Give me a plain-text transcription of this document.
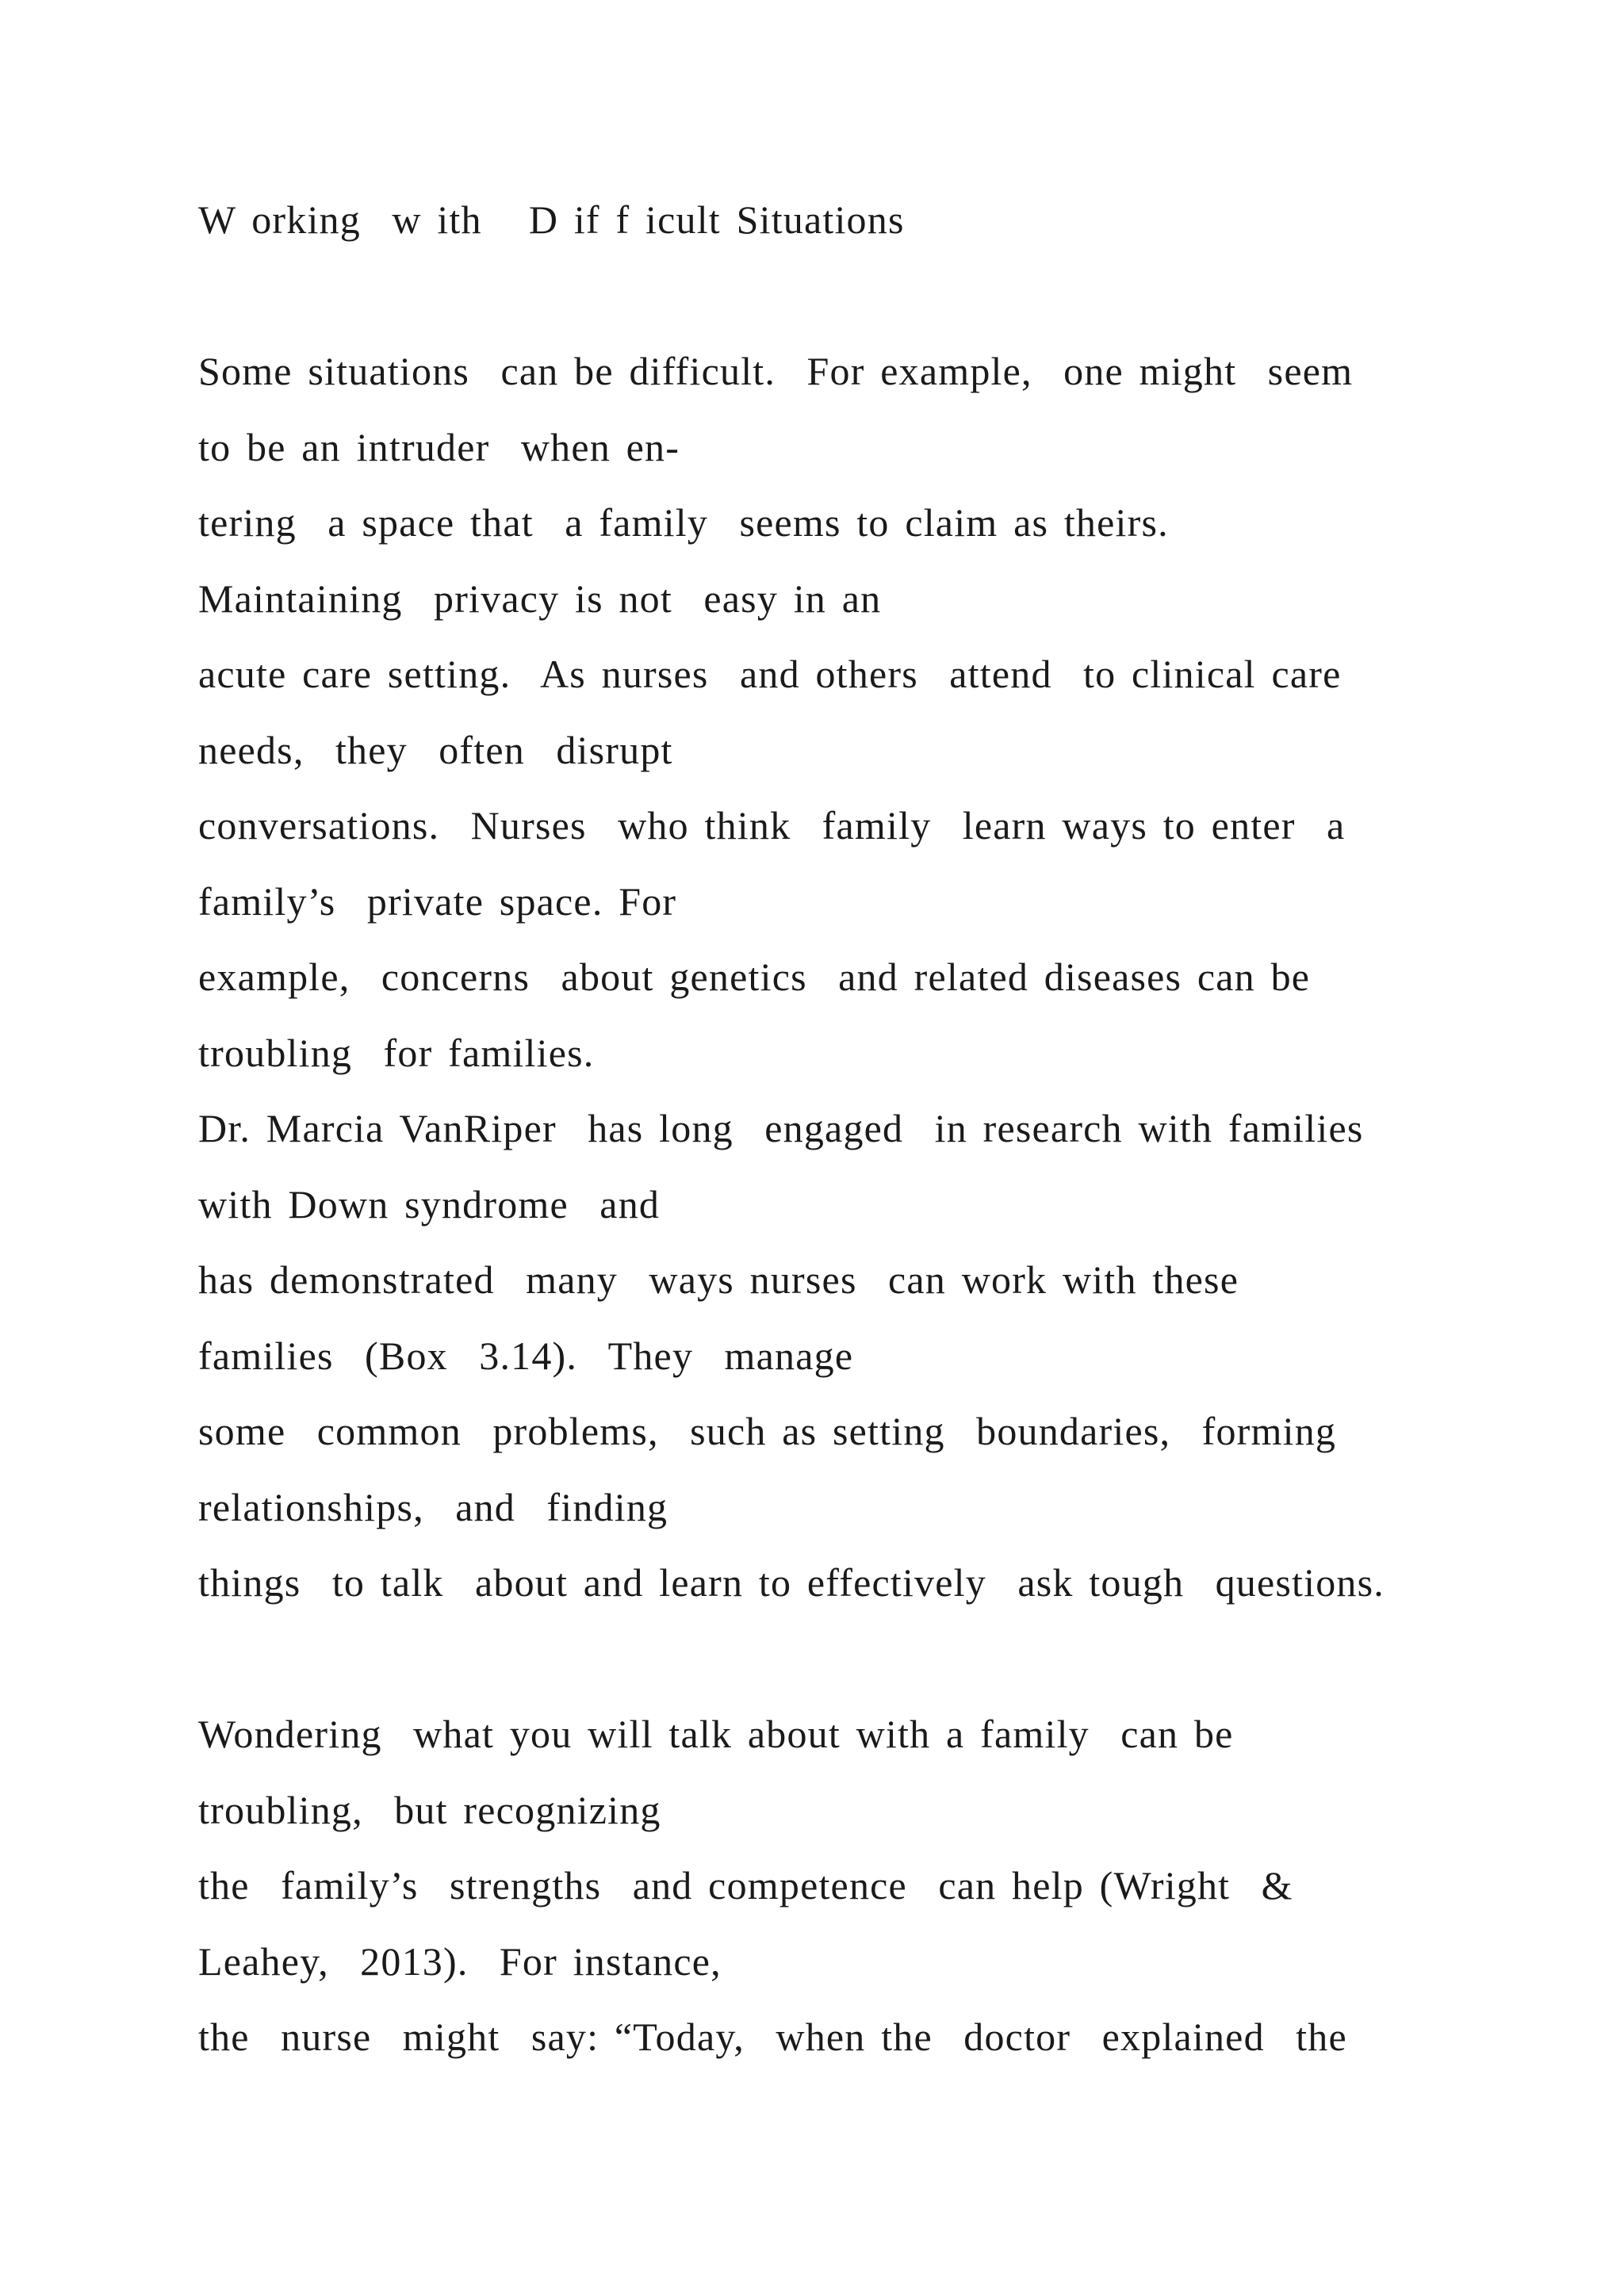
W orking  w ith   D if f icult Situations
Some situations  can be difficult.  For example,  one might  seem
to be an intruder  when en-
tering  a space that  a family  seems to claim as theirs.
Maintaining  privacy is not  easy in an
acute care setting.  As nurses  and others  attend  to clinical care
needs,  they  often  disrupt
conversations.  Nurses  who think  family  learn ways to enter  a
family’s  private space. For
example,  concerns  about genetics  and related diseases can be
troubling  for families.
Dr. Marcia VanRiper  has long  engaged  in research with families
with Down syndrome  and
has demonstrated  many  ways nurses  can work with these
families  (Box  3.14).  They  manage
some  common  problems,  such as setting  boundaries,  forming
relationships,  and  finding
things  to talk  about and learn to effectively  ask tough  questions.
Wondering  what you will talk about with a family  can be
troubling,  but recognizing
the  family’s  strengths  and competence  can help (Wright  &
Leahey,  2013).  For instance,
the  nurse  might  say: “Today,  when the  doctor  explained  the
